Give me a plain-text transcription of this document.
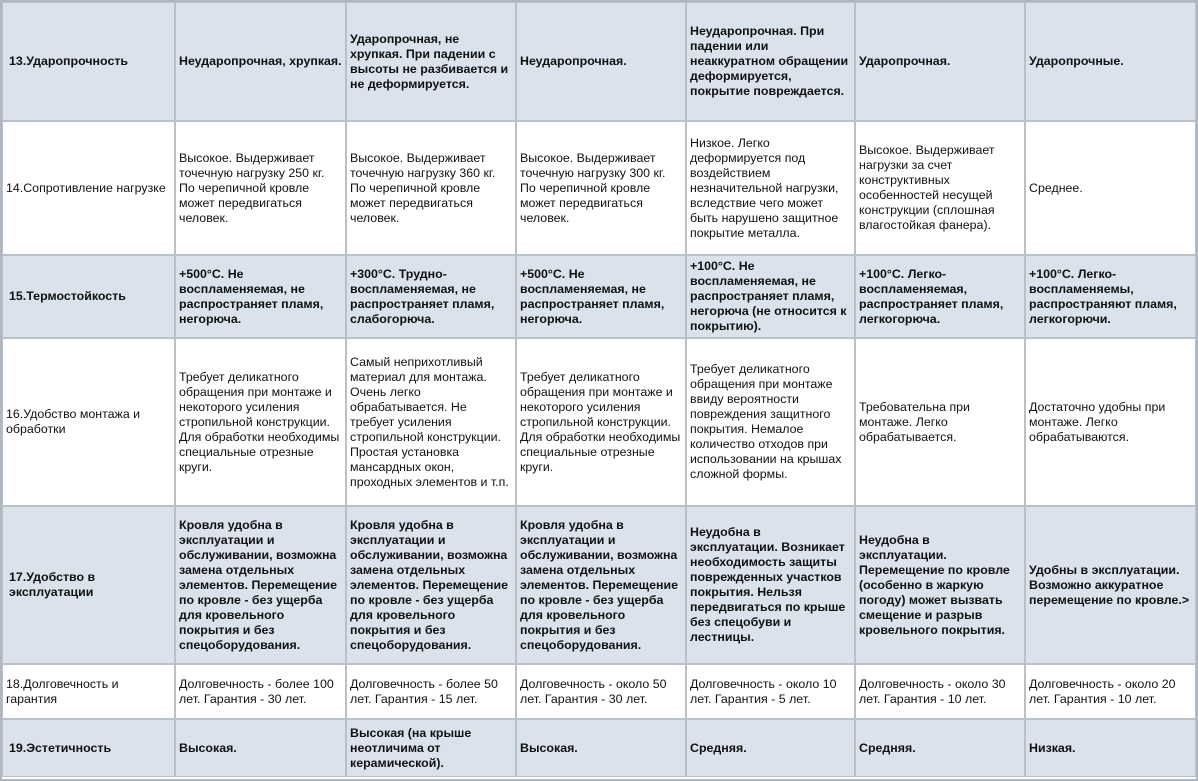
13.Ударопрочность	Неударопрочная, хрупкая.	Ударопрочная, не хрупкая. При падении с высоты не разбивается и не деформируется.	Неударопрочная.	Неударопрочная. При падении или неаккуратном обращении деформируется, покрытие повреждается.	Ударопрочная.	Ударопрочные.
14.Сопротивление нагрузке	Высокое. Выдерживает точечную нагрузку 250 кг. По черепичной кровле может передвигаться человек.	Высокое. Выдерживает точечную нагрузку 360 кг. По черепичной кровле может передвигаться человек.	Высокое. Выдерживает точечную нагрузку 300 кг. По черепичной кровле может передвигаться человек.	Низкое. Легко деформируется под воздействием незначительной нагрузки, вследствие чего может быть нарушено защитное покрытие металла.	Высокое. Выдерживает нагрузки за счет конструктивных особенностей несущей конструкции (сплошная влагостойкая фанера).	Среднее.
15.Термостойкость	+500°C. Не воспламеняемая, не распространяет пламя, негорюча.	+300°C. Трудно-воспламеняемая, не распространяет пламя, слабогорюча.	+500°C. Не воспламеняемая, не распространяет пламя, негорюча.	+100°C. Не воспламеняемая, не распространяет пламя, негорюча (не относится к покрытию).	+100°C. Легко-воспламеняемая, распространяет пламя, легкогорюча.	+100°C. Легко-воспламеняемы, распространяют пламя, легкогорючи.
16.Удобство монтажа и обработки	Требует деликатного обращения при монтаже и некоторого усиления стропильной конструкции. Для обработки необходимы специальные отрезные круги.	Самый неприхотливый материал для монтажа. Очень легко обрабатывается. Не требует усиления стропильной конструкции. Простая установка мансардных окон, проходных элементов и т.п.	Требует деликатного обращения при монтаже и некоторого усиления стропильной конструкции. Для обработки необходимы специальные отрезные круги.	Требует деликатного обращения при монтаже ввиду вероятности повреждения защитного покрытия. Немалое количество отходов при использовании на крышах сложной формы.	Требовательна при монтаже. Легко обрабатывается.	Достаточно удобны при монтаже. Легко обрабатываются.
17.Удобство в эксплуатации	Кровля удобна в эксплуатации и обслуживании, возможна замена отдельных элементов. Перемещение по кровле - без ущерба для кровельного покрытия и без спецоборудования.	Кровля удобна в эксплуатации и обслуживании, возможна замена отдельных элементов. Перемещение по кровле - без ущерба для кровельного покрытия и без спецоборудования.	Кровля удобна в эксплуатации и обслуживании, возможна замена отдельных элементов. Перемещение по кровле - без ущерба для кровельного покрытия и без спецоборудования.	Неудобна в эксплуатации. Возникает необходимость защиты поврежденных участков покрытия. Нельзя передвигаться по крыше без спецобуви и лестницы.	Неудобна в эксплуатации. Перемещение по кровле (особенно в жаркую погоду) может вызвать смещение и разрыв кровельного покрытия.	Удобны в эксплуатации. Возможно аккуратное перемещение по кровле.>
18.Долговечность и гарантия	Долговечность - более 100 лет. Гарантия - 30 лет.	Долговечность - более 50 лет. Гарантия - 15 лет.	Долговечность - около 50 лет. Гарантия - 30 лет.	Долговечность - около 10 лет. Гарантия - 5 лет.	Долговечность - около 30 лет. Гарантия - 10 лет.	Долговечность - около 20 лет. Гарантия - 10 лет.
19.Эстетичность	Высокая.	Высокая (на крыше неотличима от керамической).	Высокая.	Средняя.	Средняя.	Низкая.
